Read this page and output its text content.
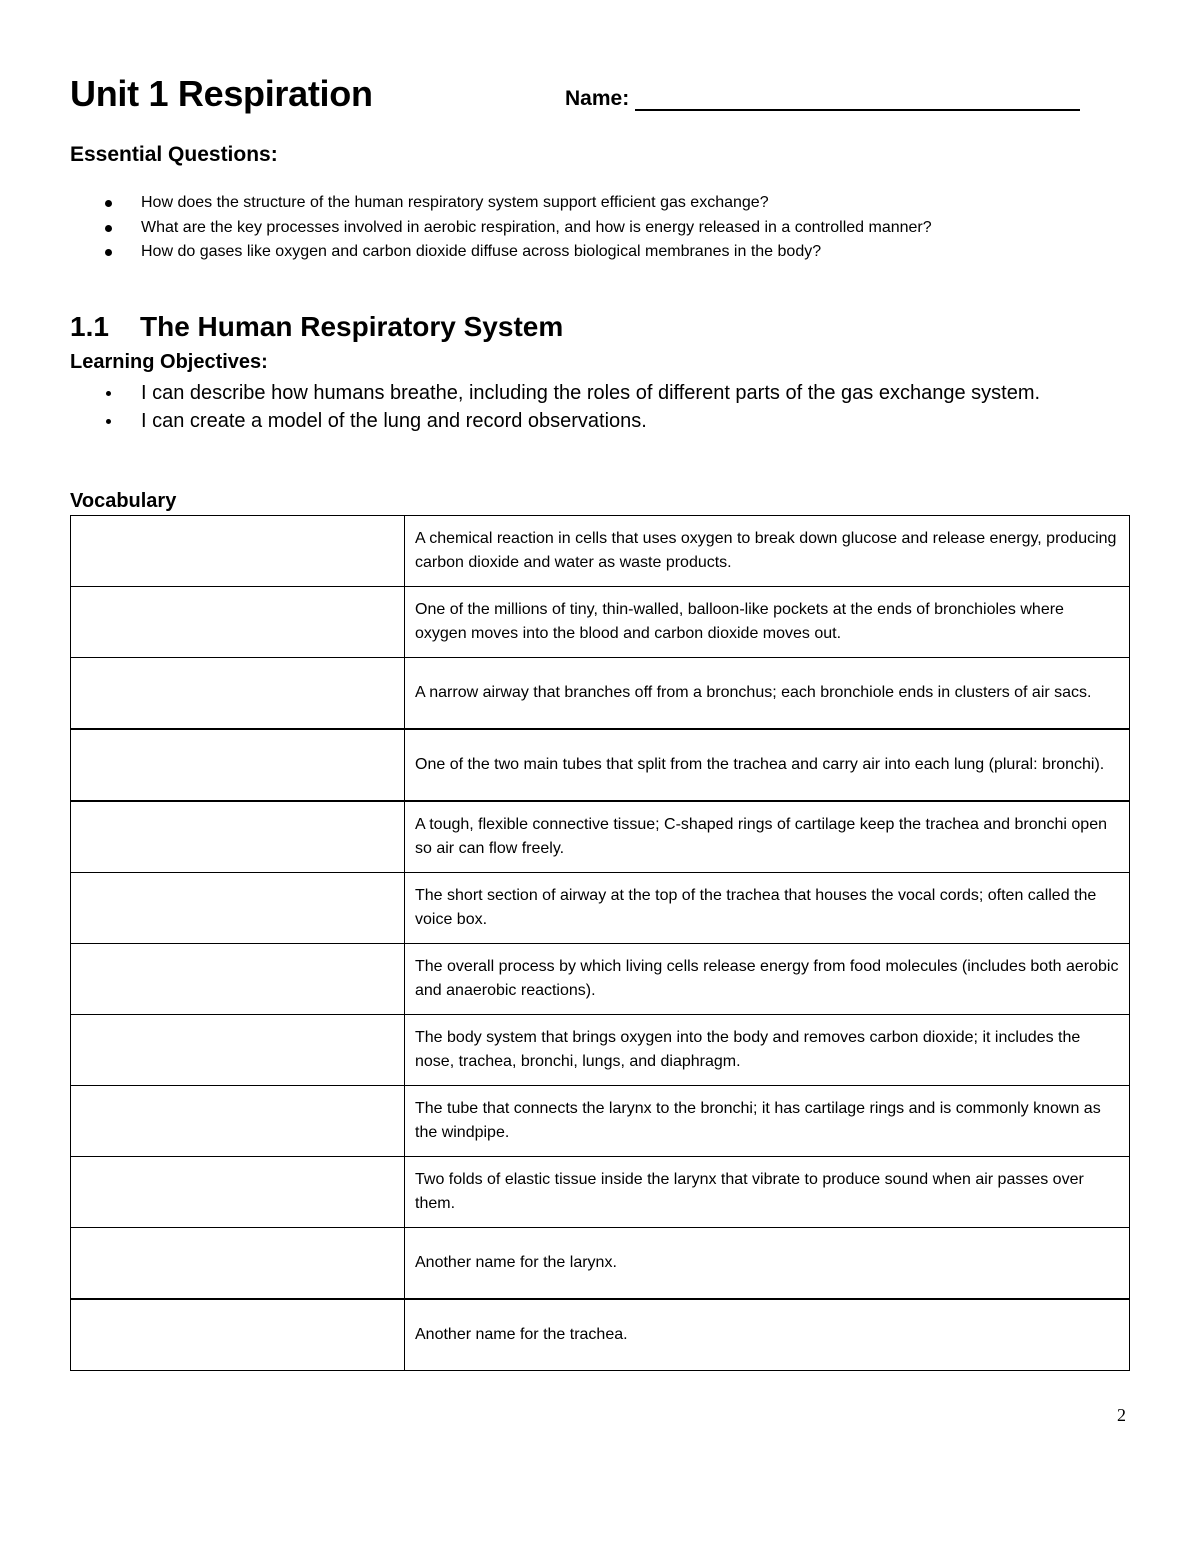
Unit 1 Respiration	Name:
Essential Questions:
How does the structure of the human respiratory system support efficient gas exchange?
What are the key processes involved in aerobic respiration, and how is energy released in a controlled manner?
How do gases like oxygen and carbon dioxide diffuse across biological membranes in the body?
1.1	The Human Respiratory System
Learning Objectives:
I can describe how humans breathe, including the roles of different parts of the gas exchange system.
I can create a model of the lung and record observations.
Vocabulary
	A chemical reaction in cells that uses oxygen to break down glucose and release energy, producing carbon dioxide and water as waste products.
	One of the millions of tiny, thin-walled, balloon-like pockets at the ends of bronchioles where oxygen moves into the blood and carbon dioxide moves out.
	A narrow airway that branches off from a bronchus; each bronchiole ends in clusters of air sacs.
	One of the two main tubes that split from the trachea and carry air into each lung (plural: bronchi).
	A tough, flexible connective tissue; C-shaped rings of cartilage keep the trachea and bronchi open so air can flow freely.
	The short section of airway at the top of the trachea that houses the vocal cords; often called the voice box.
	The overall process by which living cells release energy from food molecules (includes both aerobic and anaerobic reactions).
	The body system that brings oxygen into the body and removes carbon dioxide; it includes the nose, trachea, bronchi, lungs, and diaphragm.
	The tube that connects the larynx to the bronchi; it has cartilage rings and is commonly known as the windpipe.
	Two folds of elastic tissue inside the larynx that vibrate to produce sound when air passes over them.
	Another name for the larynx.
	Another name for the trachea.
2
